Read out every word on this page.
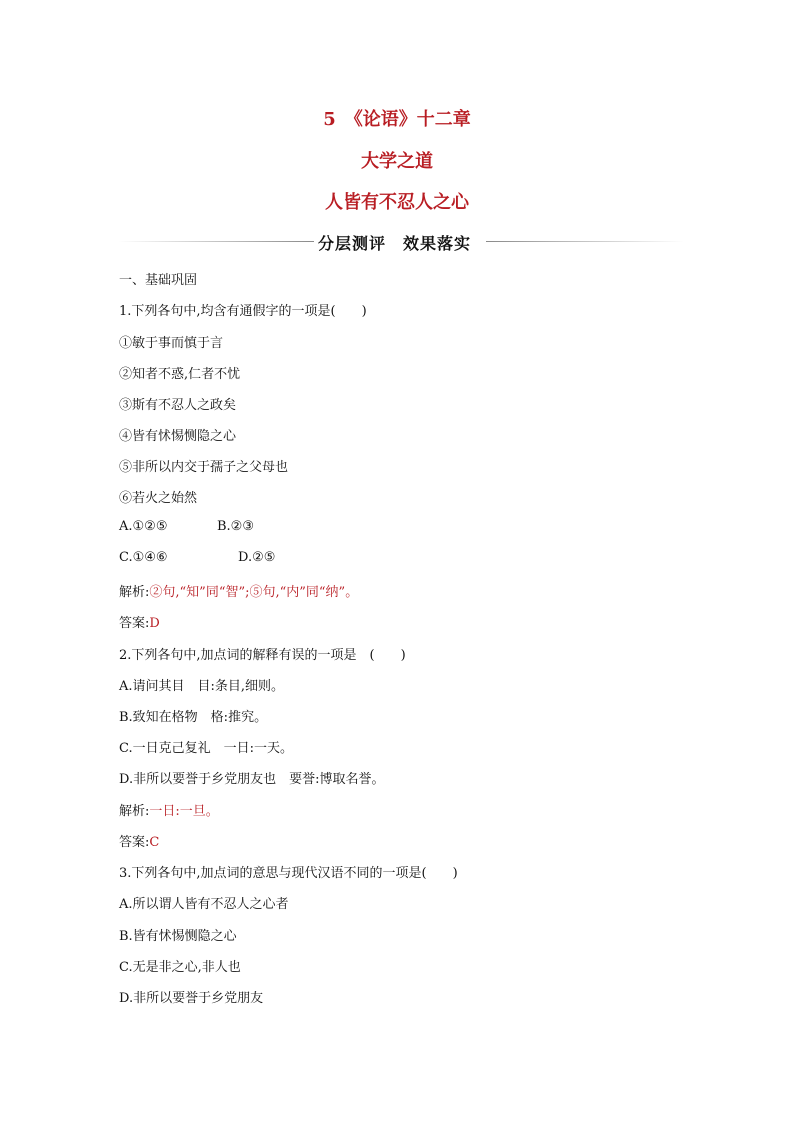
5　《论语》十二章
大学之道
人皆有不忍人之心
分层测评　效果落实
一、基础巩固
1.下列各句中,均含有通假字的一项是(　　)
①敏于事而慎于言
②知者不惑,仁者不忧
③斯有不忍人之政矣
④皆有怵惕恻隐之心
⑤非所以内交于孺子之父母也
⑥若火之始然
A.①②⑤	B.②③
C.①④⑥	D.②⑤
解析:②句,“知”同“智”;⑤句,“内”同“纳”。
答案:D
2.下列各句中,加点词的解释有误的一项是　(　　)
A.请问其目　目:条目,细则。
B.致知在格物　格:推究。
C.一日克己复礼　一日:一天。
D.非所以要誉于乡党朋友也　要誉:博取名誉。
解析:一日:一旦。
答案:C
3.下列各句中,加点词的意思与现代汉语不同的一项是(　　)
A.所以谓人皆有不忍人之心者
B.皆有怵惕恻隐之心
C.无是非之心,非人也
D.非所以要誉于乡党朋友
